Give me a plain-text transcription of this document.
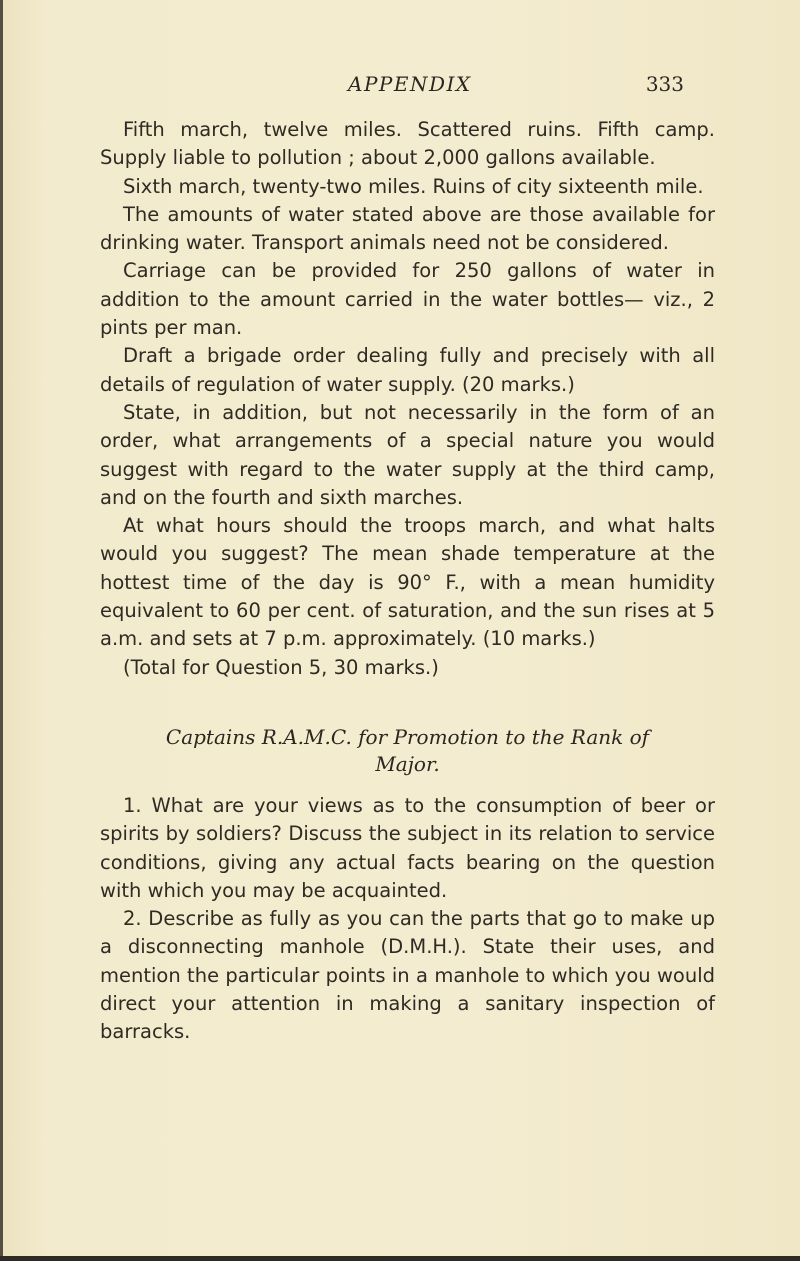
APPENDIX	333

Fifth march, twelve miles. Scattered ruins. Fifth camp. Supply liable to pollution ; about 2,000 gallons available.

Sixth march, twenty-two miles. Ruins of city sixteenth mile.

The amounts of water stated above are those available for drinking water. Transport animals need not be considered.

Carriage can be provided for 250 gallons of water in addition to the amount carried in the water bottles— viz., 2 pints per man.

Draft a brigade order dealing fully and precisely with all details of regulation of water supply. (20 marks.)

State, in addition, but not necessarily in the form of an order, what arrangements of a special nature you would suggest with regard to the water supply at the third camp, and on the fourth and sixth marches.

At what hours should the troops march, and what halts would you suggest? The mean shade temperature at the hottest time of the day is 90° F., with a mean humidity equivalent to 60 per cent. of saturation, and the sun rises at 5 a.m. and sets at 7 p.m. approximately. (10 marks.)

(Total for Question 5, 30 marks.)

Captains R.A.M.C. for Promotion to the Rank of
Major.

1. What are your views as to the consumption of beer or spirits by soldiers? Discuss the subject in its relation to service conditions, giving any actual facts bearing on the question with which you may be acquainted.

2. Describe as fully as you can the parts that go to make up a disconnecting manhole (D.M.H.). State their uses, and mention the particular points in a manhole to which you would direct your attention in making a sanitary inspection of barracks.
